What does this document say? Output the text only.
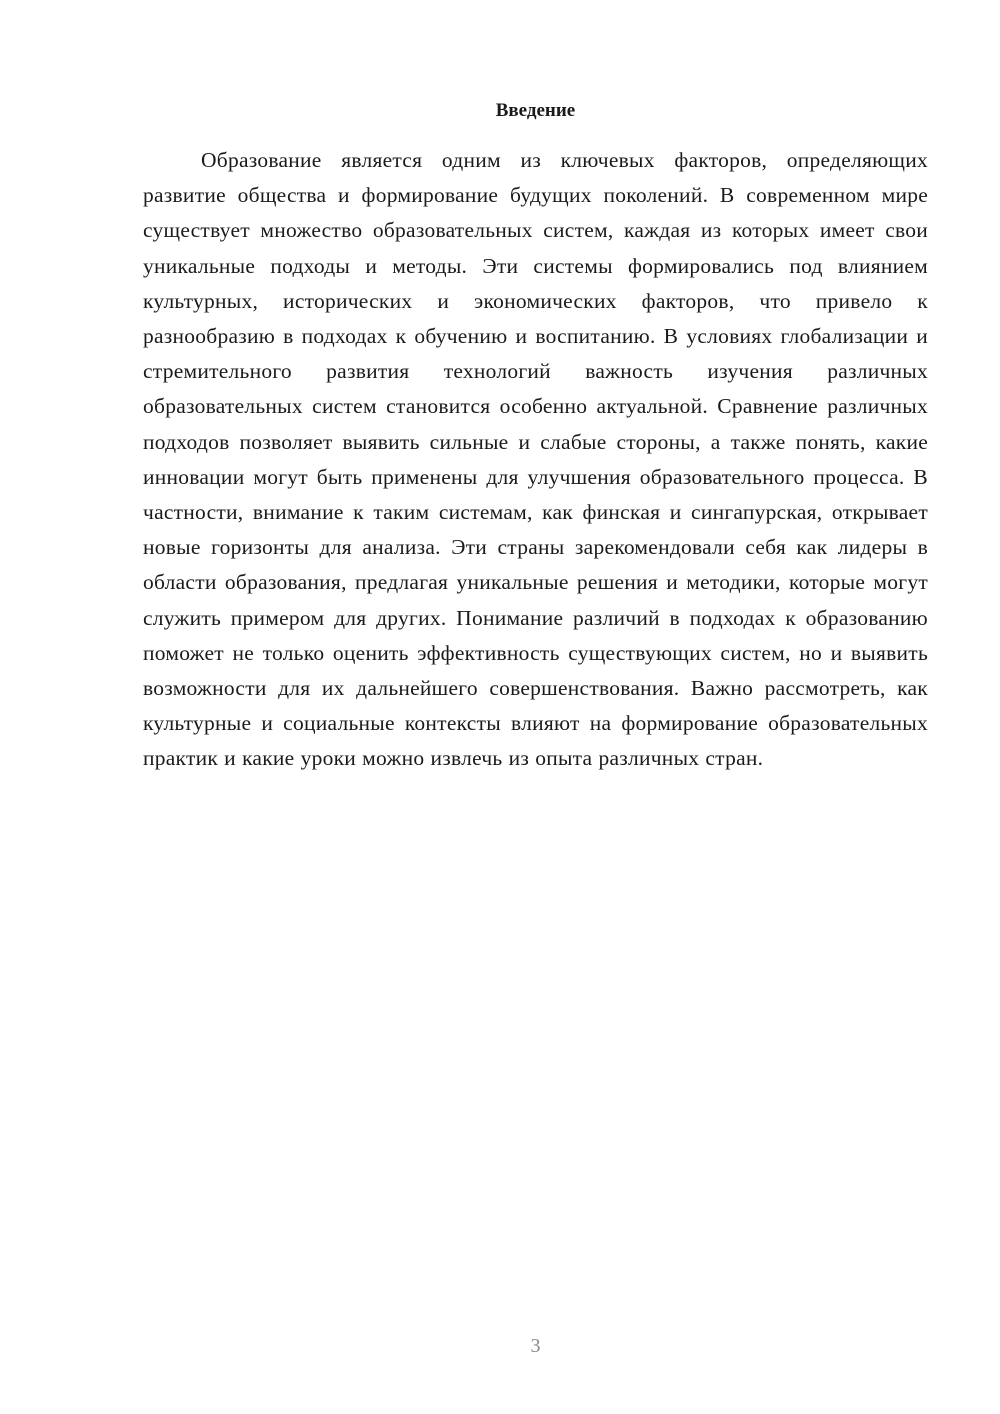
Введение

Образование является одним из ключевых факторов, определяющих развитие общества и формирование будущих поколений. В современном мире существует множество образовательных систем, каждая из которых имеет свои уникальные подходы и методы. Эти системы формировались под влиянием культурных, исторических и экономических факторов, что привело к разнообразию в подходах к обучению и воспитанию. В условиях глобализации и стремительного развития технологий важность изучения различных образовательных систем становится особенно актуальной. Сравнение различных подходов позволяет выявить сильные и слабые стороны, а также понять, какие инновации могут быть применены для улучшения образовательного процесса. В частности, внимание к таким системам, как финская и сингапурская, открывает новые горизонты для анализа. Эти страны зарекомендовали себя как лидеры в области образования, предлагая уникальные решения и методики, которые могут служить примером для других. Понимание различий в подходах к образованию поможет не только оценить эффективность существующих систем, но и выявить возможности для их дальнейшего совершенствования. Важно рассмотреть, как культурные и социальные контексты влияют на формирование образовательных практик и какие уроки можно извлечь из опыта различных стран.

3
